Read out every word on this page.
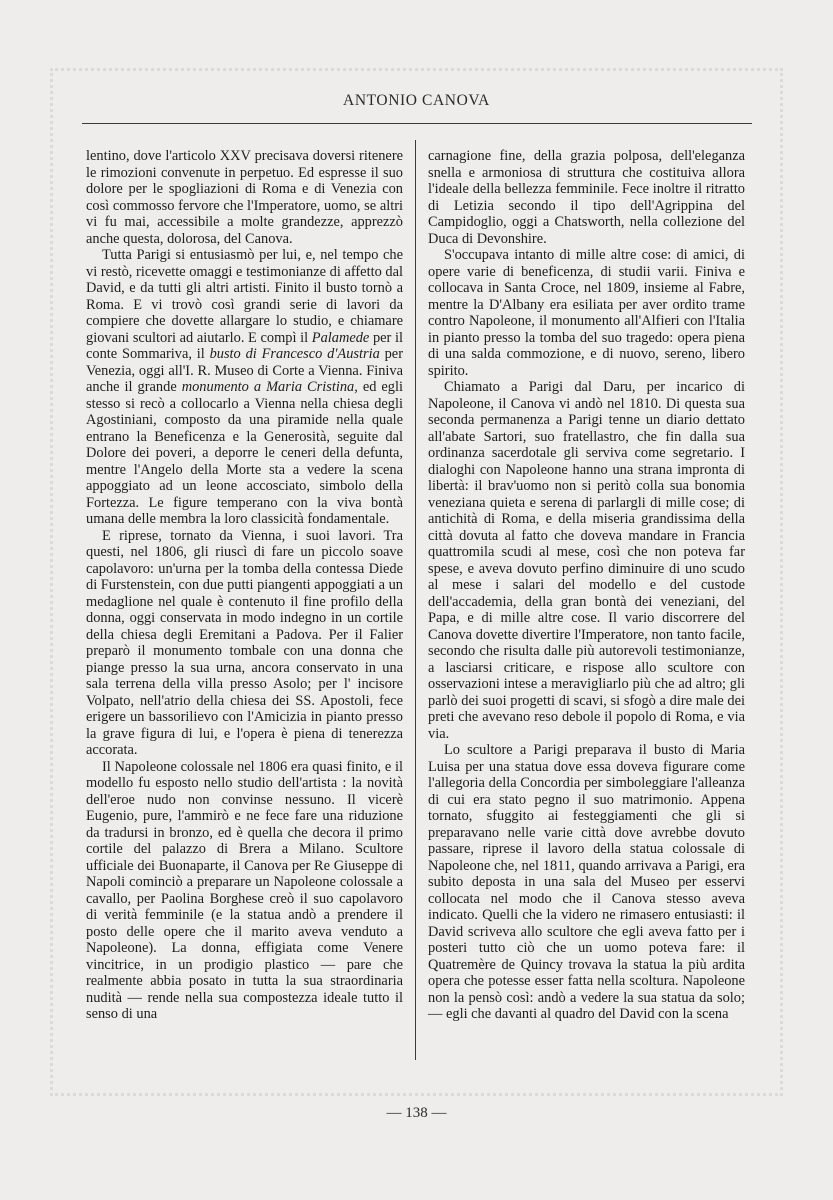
ANTONIO CANOVA

lentino, dove l'articolo XXV precisava doversi ritenere le rimozioni convenute in perpetuo. Ed espresse il suo dolore per le spogliazioni di Roma e di Venezia con così commosso fervore che l'Imperatore, uomo, se altri vi fu mai, accessibile a molte grandezze, apprezzò anche questa, dolorosa, del Canova.

Tutta Parigi si entusiasmò per lui, e, nel tempo che vi restò, ricevette omaggi e testimonianze di affetto dal David, e da tutti gli altri artisti. Finito il busto tornò a Roma. E vi trovò così grandi serie di lavori da compiere che dovette allargare lo studio, e chiamare giovani scultori ad aiutarlo. E compì il Palamede per il conte Sommariva, il busto di Francesco d'Austria per Venezia, oggi all'I. R. Museo di Corte a Vienna. Finiva anche il grande monumento a Maria Cristina, ed egli stesso si recò a collocarlo a Vienna nella chiesa degli Agostiniani, composto da una piramide nella quale entrano la Beneficenza e la Generosità, seguite dal Dolore dei poveri, a deporre le ceneri della defunta, mentre l'Angelo della Morte sta a vedere la scena appoggiato ad un leone accosciato, simbolo della Fortezza. Le figure temperano con la viva bontà umana delle membra la loro classicità fondamentale.

E riprese, tornato da Vienna, i suoi lavori. Tra questi, nel 1806, gli riuscì di fare un piccolo soave capolavoro: un'urna per la tomba della contessa Diede di Furstenstein, con due putti piangenti appoggiati a un medaglione nel quale è contenuto il fine profilo della donna, oggi conservata in modo indegno in un cortile della chiesa degli Eremitani a Padova. Per il Falier preparò il monumento tombale con una donna che piange presso la sua urna, ancora conservato in una sala terrena della villa presso Asolo; per l' incisore Volpato, nell'atrio della chiesa dei SS. Apostoli, fece erigere un bassorilievo con l'Amicizia in pianto presso la grave figura di lui, e l'opera è piena di tenerezza accorata.

Il Napoleone colossale nel 1806 era quasi finito, e il modello fu esposto nello studio dell'artista : la novità dell'eroe nudo non convinse nessuno. Il vicerè Eugenio, pure, l'ammirò e ne fece fare una riduzione da tradursi in bronzo, ed è quella che decora il primo cortile del palazzo di Brera a Milano. Scultore ufficiale dei Buonaparte, il Canova per Re Giuseppe di Napoli cominciò a preparare un Napoleone colossale a cavallo, per Paolina Borghese creò il suo capolavoro di verità femminile (e la statua andò a prendere il posto delle opere che il marito aveva venduto a Napoleone). La donna, effigiata come Venere vincitrice, in un prodigio plastico — pare che realmente abbia posato in tutta la sua straordinaria nudità — rende nella sua compostezza ideale tutto il senso di una

carnagione fine, della grazia polposa, dell'eleganza snella e armoniosa di struttura che costituiva allora l'ideale della bellezza femminile. Fece inoltre il ritratto di Letizia secondo il tipo dell'Agrippina del Campidoglio, oggi a Chatsworth, nella collezione del Duca di Devonshire.

S'occupava intanto di mille altre cose: di amici, di opere varie di beneficenza, di studii varii. Finiva e collocava in Santa Croce, nel 1809, insieme al Fabre, mentre la D'Albany era esiliata per aver ordito trame contro Napoleone, il monumento all'Alfieri con l'Italia in pianto presso la tomba del suo tragedo: opera piena di una salda commozione, e di nuovo, sereno, libero spirito.

Chiamato a Parigi dal Daru, per incarico di Napoleone, il Canova vi andò nel 1810. Di questa sua seconda permanenza a Parigi tenne un diario dettato all'abate Sartori, suo fratellastro, che fin dalla sua ordinanza sacerdotale gli serviva come segretario. I dialoghi con Napoleone hanno una strana impronta di libertà: il brav'uomo non si peritò colla sua bonomia veneziana quieta e serena di parlargli di mille cose; di antichità di Roma, e della miseria grandissima della città dovuta al fatto che doveva mandare in Francia quattromila scudi al mese, così che non poteva far spese, e aveva dovuto perfino diminuire di uno scudo al mese i salari del modello e del custode dell'accademia, della gran bontà dei veneziani, del Papa, e di mille altre cose. Il vario discorrere del Canova dovette divertire l'Imperatore, non tanto facile, secondo che risulta dalle più autorevoli testimonianze, a lasciarsi criticare, e rispose allo scultore con osservazioni intese a meravigliarlo più che ad altro; gli parlò dei suoi progetti di scavi, si sfogò a dire male dei preti che avevano reso debole il popolo di Roma, e via via.

Lo scultore a Parigi preparava il busto di Maria Luisa per una statua dove essa doveva figurare come l'allegoria della Concordia per simboleggiare l'alleanza di cui era stato pegno il suo matrimonio. Appena tornato, sfuggito ai festeggiamenti che gli si preparavano nelle varie città dove avrebbe dovuto passare, riprese il lavoro della statua colossale di Napoleone che, nel 1811, quando arrivava a Parigi, era subito deposta in una sala del Museo per esservi collocata nel modo che il Canova stesso aveva indicato. Quelli che la videro ne rimasero entusiasti: il David scriveva allo scultore che egli aveva fatto per i posteri tutto ciò che un uomo poteva fare: il Quatremère de Quincy trovava la statua la più ardita opera che potesse esser fatta nella scoltura. Napoleone non la pensò così: andò a vedere la sua statua da solo; — egli che davanti al quadro del David con la scena

— 138 —
